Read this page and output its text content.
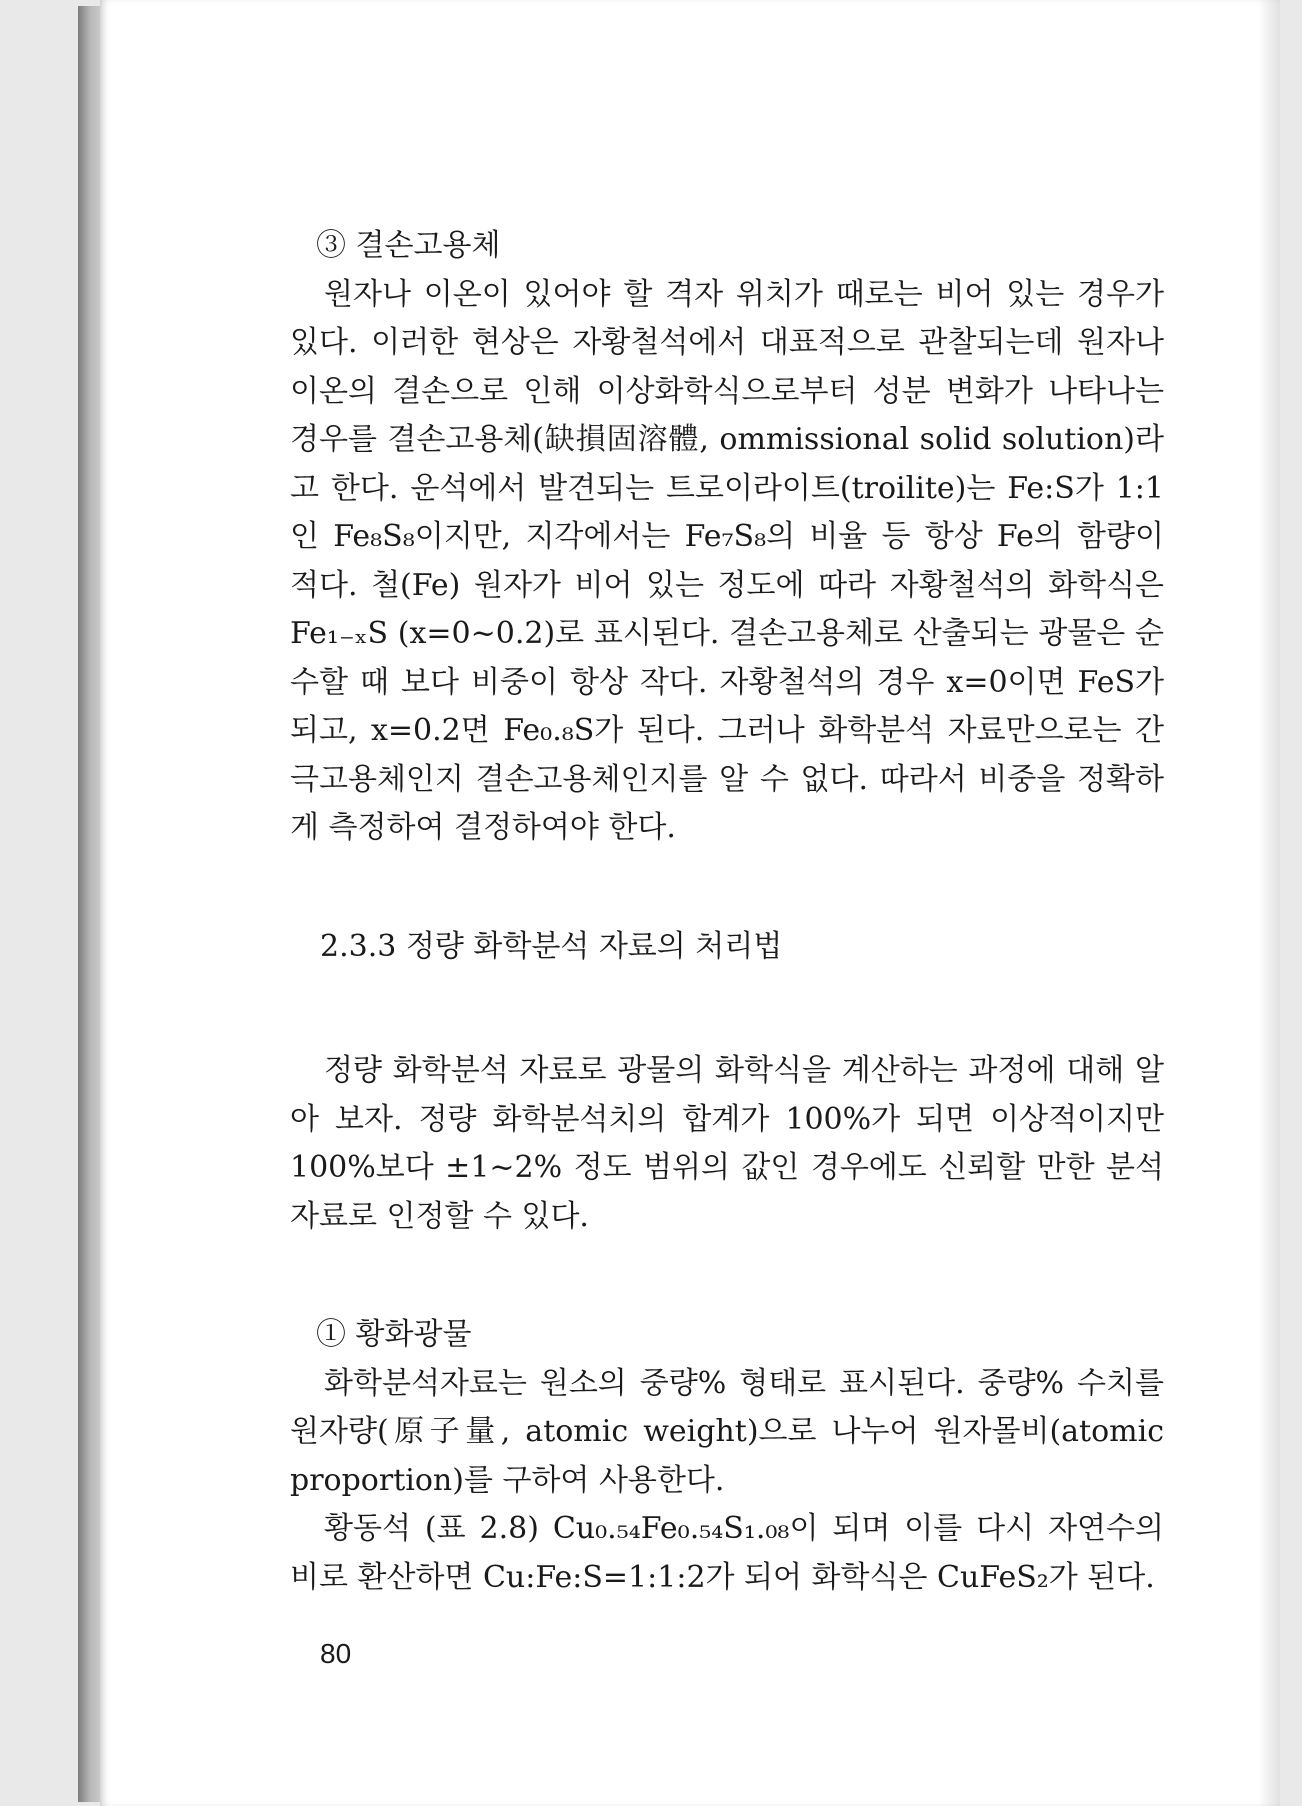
③ 결손고용체

원자나 이온이 있어야 할 격자 위치가 때로는 비어 있는 경우가 있다. 이러한 현상은 자황철석에서 대표적으로 관찰되는데 원자나 이온의 결손으로 인해 이상화학식으로부터 성분 변화가 나타나는 경우를 결손고용체(缺損固溶體, ommissional solid solution)라고 한다. 운석에서 발견되는 트로이라이트(troilite)는 Fe:S가 1:1인 Fe₈S₈이지만, 지각에서는 Fe₇S₈의 비율 등 항상 Fe의 함량이 적다. 철(Fe) 원자가 비어 있는 정도에 따라 자황철석의 화학식은 Fe₁₋ₓS (x=0~0.2)로 표시된다. 결손고용체로 산출되는 광물은 순수할 때 보다 비중이 항상 작다. 자황철석의 경우 x=0이면 FeS가 되고, x=0.2면 Fe₀.₈S가 된다. 그러나 화학분석 자료만으로는 간극고용체인지 결손고용체인지를 알 수 없다. 따라서 비중을 정확하게 측정하여 결정하여야 한다.

2.3.3 정량 화학분석 자료의 처리법

정량 화학분석 자료로 광물의 화학식을 계산하는 과정에 대해 알아 보자. 정량 화학분석치의 합계가 100%가 되면 이상적이지만 100%보다 ±1~2% 정도 범위의 값인 경우에도 신뢰할 만한 분석 자료로 인정할 수 있다.

① 황화광물

화학분석자료는 원소의 중량% 형태로 표시된다. 중량% 수치를 원자량(原子量, atomic weight)으로 나누어 원자몰비(atomic proportion)를 구하여 사용한다.

황동석 (표 2.8) Cu₀.₅₄Fe₀.₅₄S₁.₀₈이 되며 이를 다시 자연수의 비로 환산하면 Cu:Fe:S=1:1:2가 되어 화학식은 CuFeS₂가 된다.

80
